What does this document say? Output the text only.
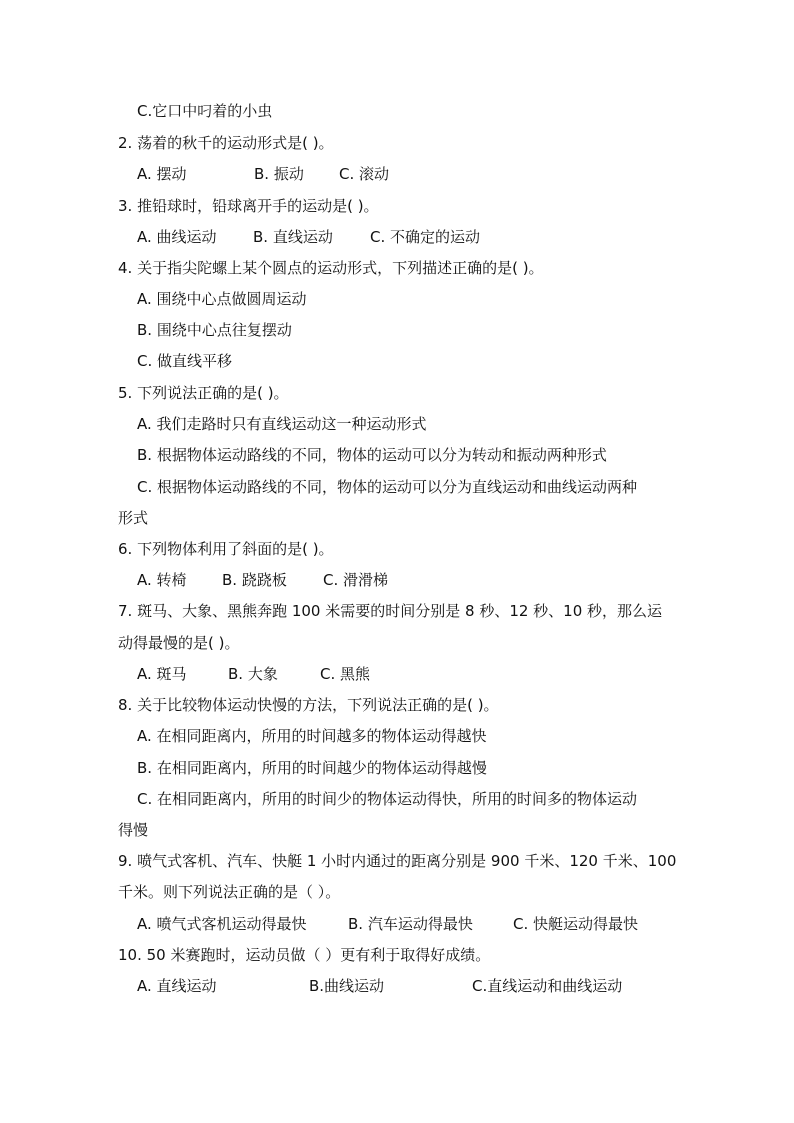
C.它口中叼着的小虫
2. 荡着的秋千的运动形式是( )。
A. 摆动	B. 振动 C. 滚动
3. 推铅球时，铅球离开手的运动是( )。
A. 曲线运动 B. 直线运动 C. 不确定的运动
4. 关于指尖陀螺上某个圆点的运动形式，下列描述正确的是( )。
A. 围绕中心点做圆周运动
B. 围绕中心点往复摆动
C. 做直线平移
5. 下列说法正确的是( )。
A. 我们走路时只有直线运动这一种运动形式
B. 根据物体运动路线的不同，物体的运动可以分为转动和振动两种形式
C. 根据物体运动路线的不同，物体的运动可以分为直线运动和曲线运动两种
形式
6. 下列物体利用了斜面的是( )。
A. 转椅 B. 跷跷板 C. 滑滑梯
7. 斑马、大象、黑熊奔跑 100 米需要的时间分别是 8 秒、12 秒、10 秒，那么运
动得最慢的是( )。
A. 斑马	B. 大象	C. 黑熊
8. 关于比较物体运动快慢的方法，下列说法正确的是( )。
A. 在相同距离内，所用的时间越多的物体运动得越快
B. 在相同距离内，所用的时间越少的物体运动得越慢
C. 在相同距离内，所用的时间少的物体运动得快，所用的时间多的物体运动
得慢
9. 喷气式客机、汽车、快艇 1 小时内通过的距离分别是 900 千米、120 千米、100
千米。则下列说法正确的是（ ）。
A. 喷气式客机运动得最快	B. 汽车运动得最快	C. 快艇运动得最快
10. 50 米赛跑时，运动员做（ ）更有利于取得好成绩。
A. 直线运动	B.曲线运动	C.直线运动和曲线运动
